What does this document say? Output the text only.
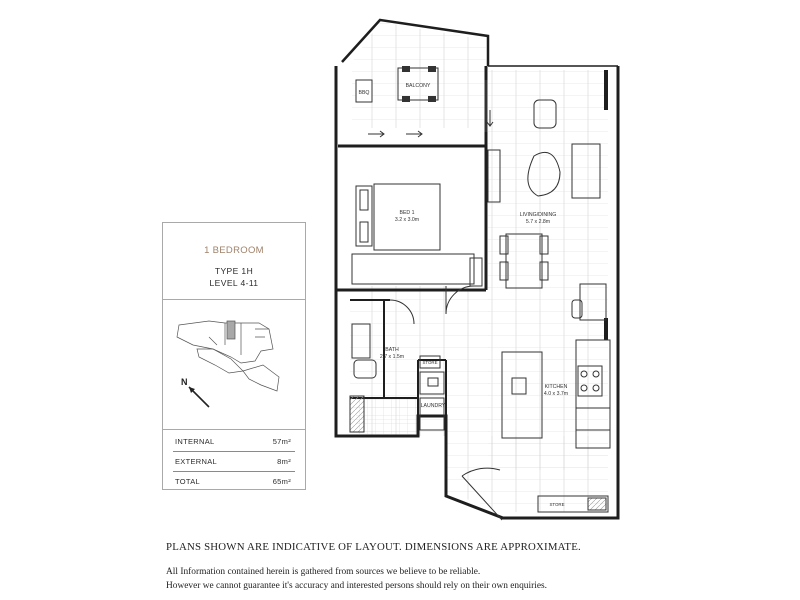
BBQ
BALCONY
BED 1
3.2 x 3.0m
LIVING/DINING
5.7 x 2.8m
BATH
2.7 x 1.5m
STORE
LAUNDRY
KITCHEN
4.0 x 3.7m
STORE
1 BEDROOM
TYPE 1H
LEVEL 4-11
N
INTERNAL	57m²
EXTERNAL	8m²
TOTAL	65m²
PLANS SHOWN ARE INDICATIVE OF LAYOUT. DIMENSIONS ARE APPROXIMATE.
All Information contained herein is gathered from sources we believe to be reliable.
However we cannot guarantee it's accuracy and interested persons should rely on their own enquiries.
